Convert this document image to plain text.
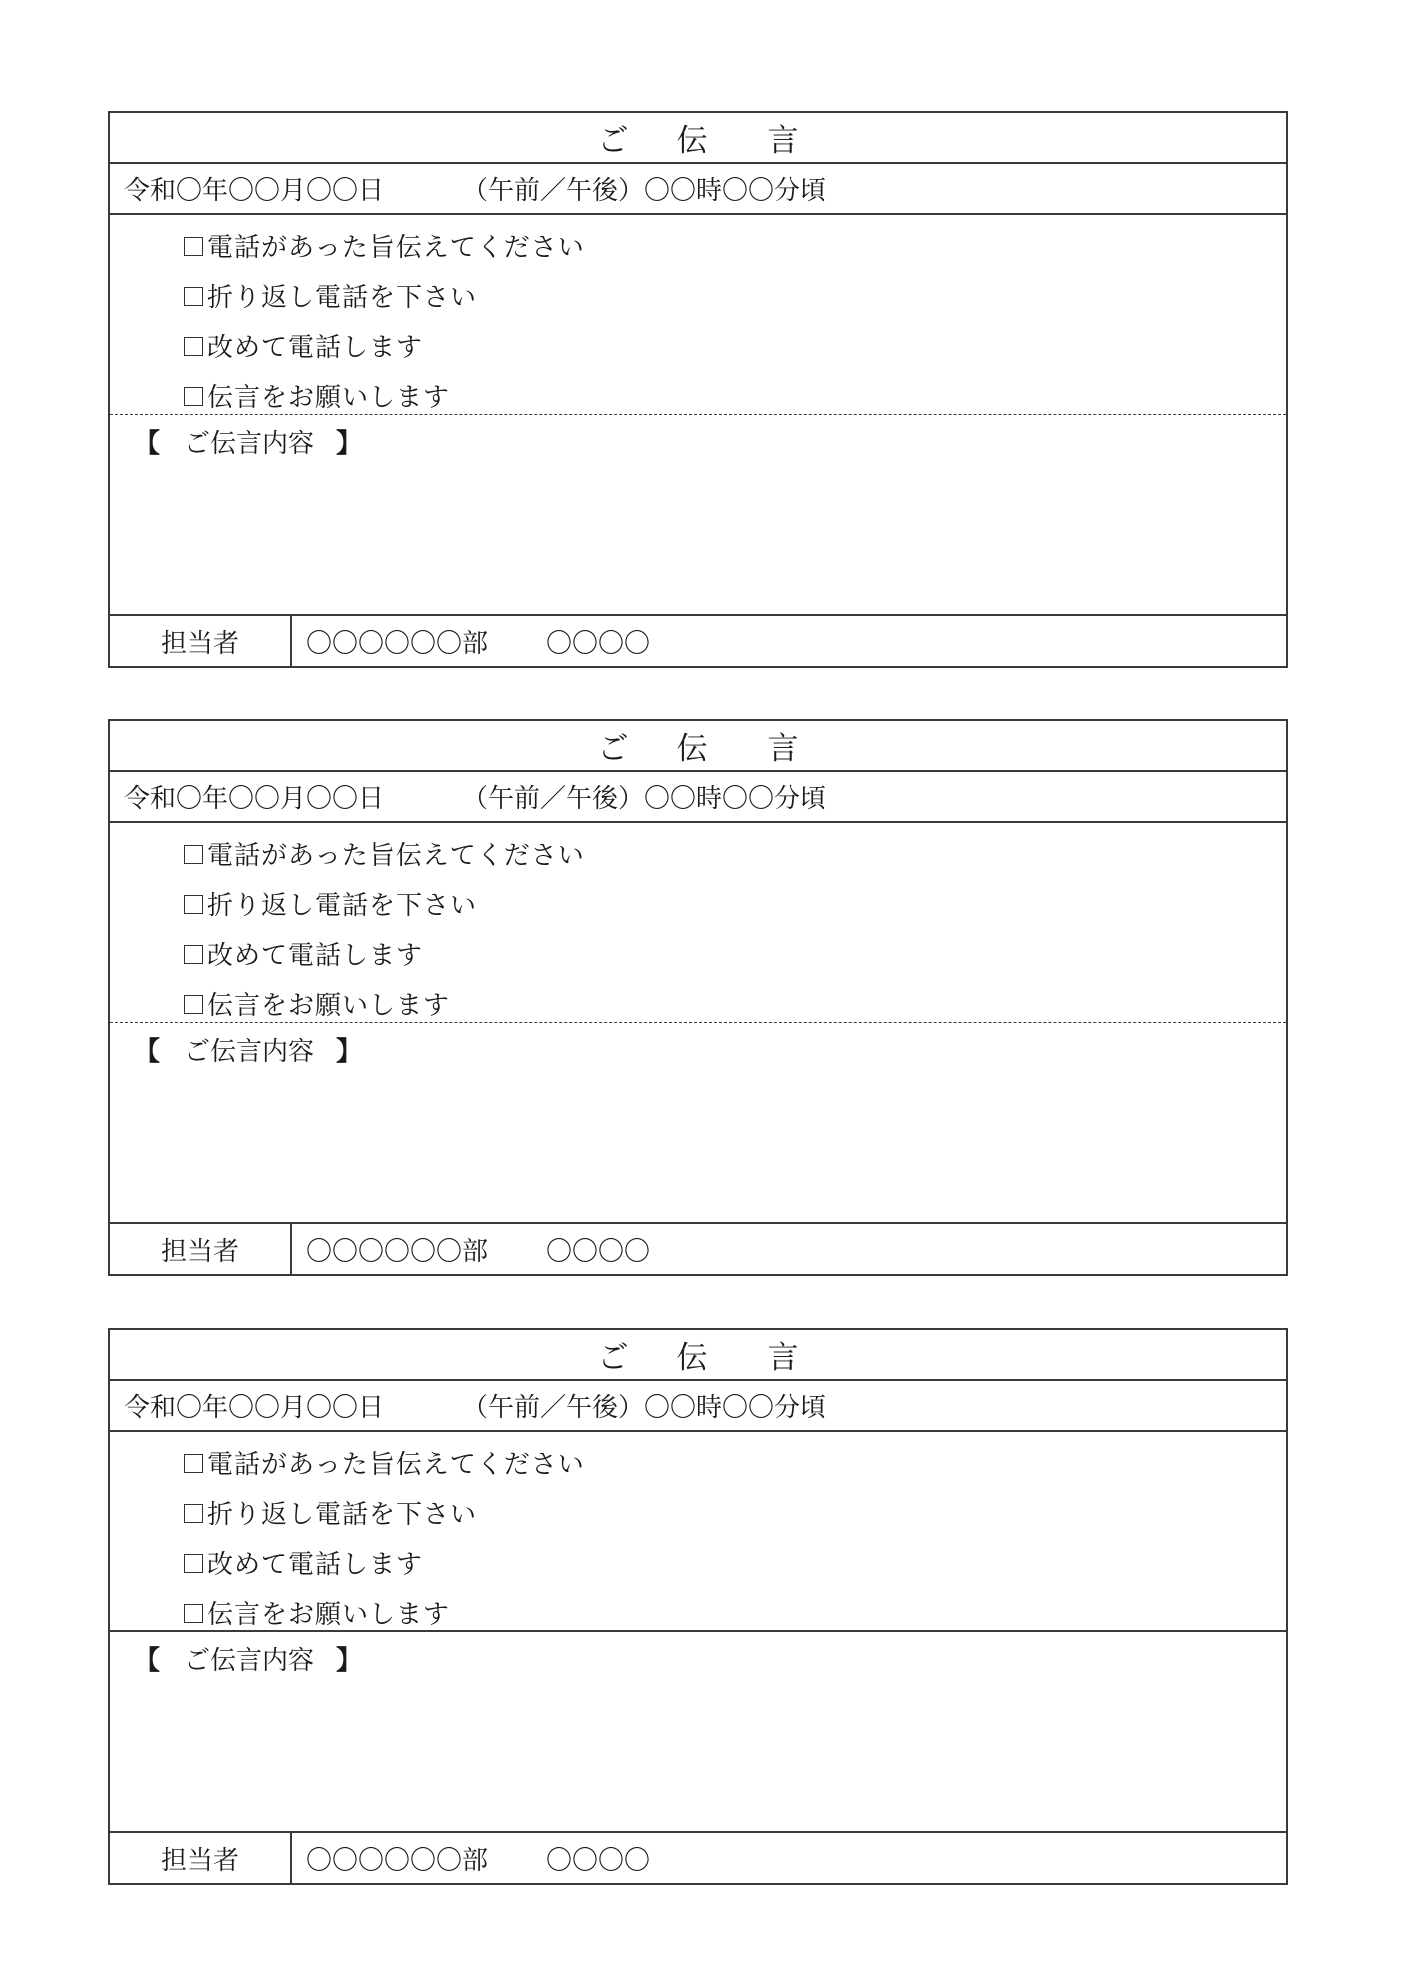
ご 伝 言
令和〇年〇〇月〇〇日	（午前／午後）〇〇時〇〇分頃
電話があった旨伝えてください
折り返し電話を下さい
改めて電話します
伝言をお願いします
【 ご伝言内容 】
担当者	〇〇〇〇〇〇部 〇〇〇〇
ご 伝 言
令和〇年〇〇月〇〇日	（午前／午後）〇〇時〇〇分頃
電話があった旨伝えてください
折り返し電話を下さい
改めて電話します
伝言をお願いします
【 ご伝言内容 】
担当者	〇〇〇〇〇〇部 〇〇〇〇
ご 伝 言
令和〇年〇〇月〇〇日	（午前／午後）〇〇時〇〇分頃
電話があった旨伝えてください
折り返し電話を下さい
改めて電話します
伝言をお願いします
【 ご伝言内容 】
担当者	〇〇〇〇〇〇部 〇〇〇〇
